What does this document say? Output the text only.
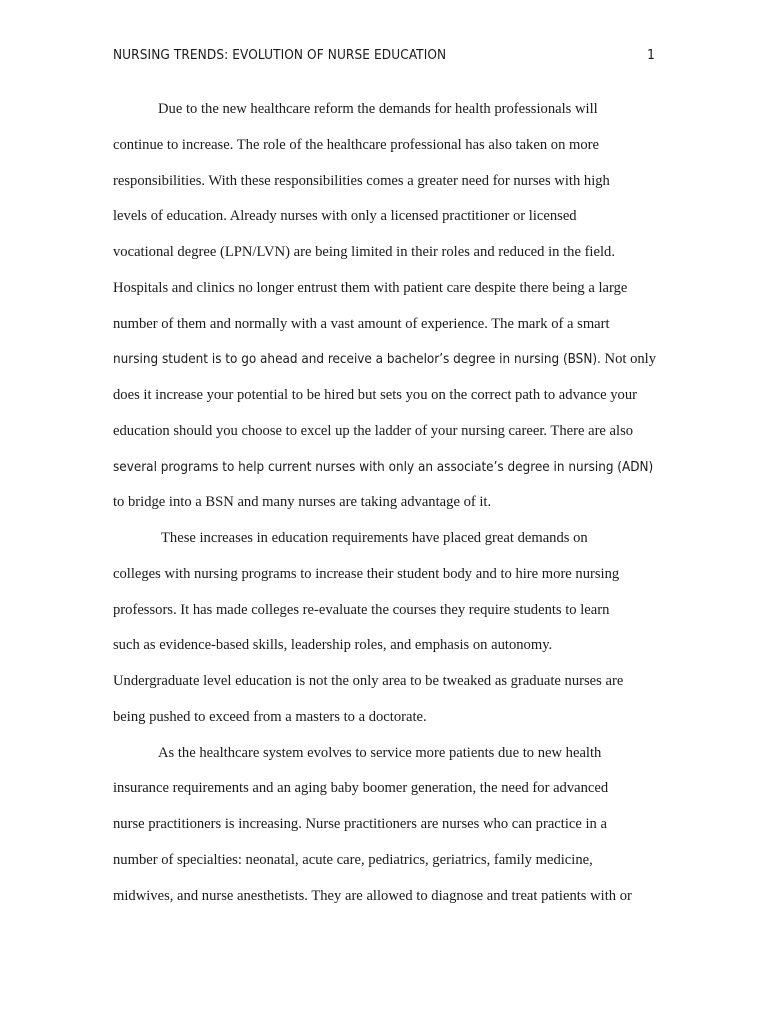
NURSING TRENDS: EVOLUTION OF NURSE EDUCATION	1
Due to the new healthcare reform the demands for health professionals will
continue to increase. The role of the healthcare professional has also taken on more
responsibilities. With these responsibilities comes a greater need for nurses with high
levels of education. Already nurses with only a licensed practitioner or licensed
vocational degree (LPN/LVN) are being limited in their roles and reduced in the field.
Hospitals and clinics no longer entrust them with patient care despite there being a large
number of them and normally with a vast amount of experience. The mark of a smart
nursing student is to go ahead and receive a bachelor’s degree in nursing (BSN). Not only
does it increase your potential to be hired but sets you on the correct path to advance your
education should you choose to excel up the ladder of your nursing career. There are also
several programs to help current nurses with only an associate’s degree in nursing (ADN)
to bridge into a BSN and many nurses are taking advantage of it.
These increases in education requirements have placed great demands on
colleges with nursing programs to increase their student body and to hire more nursing
professors. It has made colleges re-evaluate the courses they require students to learn
such as evidence-based skills, leadership roles, and emphasis on autonomy.
Undergraduate level education is not the only area to be tweaked as graduate nurses are
being pushed to exceed from a masters to a doctorate.
As the healthcare system evolves to service more patients due to new health
insurance requirements and an aging baby boomer generation, the need for advanced
nurse practitioners is increasing. Nurse practitioners are nurses who can practice in a
number of specialties: neonatal, acute care, pediatrics, geriatrics, family medicine,
midwives, and nurse anesthetists. They are allowed to diagnose and treat patients with or
